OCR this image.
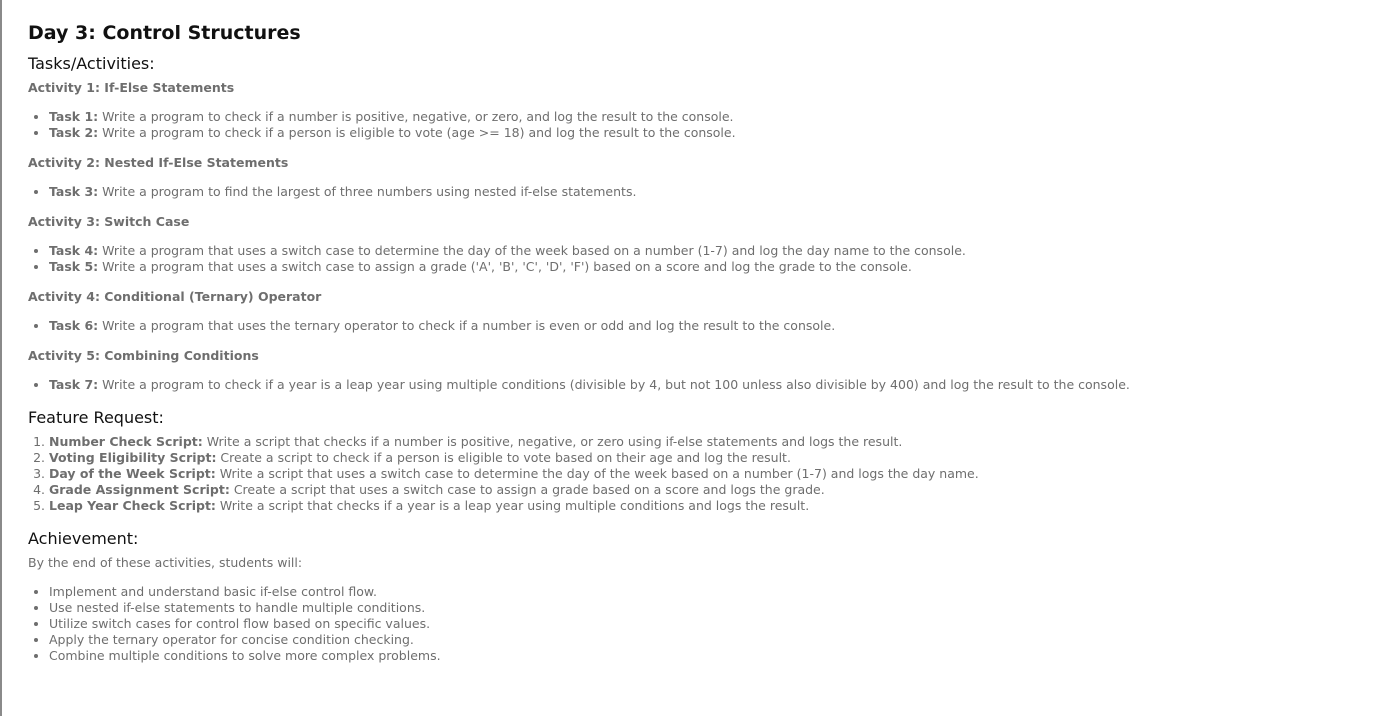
Day 3: Control Structures
Tasks/Activities:
Activity 1: If-Else Statements
• Task 1: Write a program to check if a number is positive, negative, or zero, and log the result to the console.
• Task 2: Write a program to check if a person is eligible to vote (age >= 18) and log the result to the console.
Activity 2: Nested If-Else Statements
• Task 3: Write a program to find the largest of three numbers using nested if-else statements.
Activity 3: Switch Case
• Task 4: Write a program that uses a switch case to determine the day of the week based on a number (1-7) and log the day name to the console.
• Task 5: Write a program that uses a switch case to assign a grade ('A', 'B', 'C', 'D', 'F') based on a score and log the grade to the console.
Activity 4: Conditional (Ternary) Operator
• Task 6: Write a program that uses the ternary operator to check if a number is even or odd and log the result to the console.
Activity 5: Combining Conditions
• Task 7: Write a program to check if a year is a leap year using multiple conditions (divisible by 4, but not 100 unless also divisible by 400) and log the result to the console.
Feature Request:
1. Number Check Script: Write a script that checks if a number is positive, negative, or zero using if-else statements and logs the result.
2. Voting Eligibility Script: Create a script to check if a person is eligible to vote based on their age and log the result.
3. Day of the Week Script: Write a script that uses a switch case to determine the day of the week based on a number (1-7) and logs the day name.
4. Grade Assignment Script: Create a script that uses a switch case to assign a grade based on a score and logs the grade.
5. Leap Year Check Script: Write a script that checks if a year is a leap year using multiple conditions and logs the result.
Achievement:

By the end of these activities, students will:

• Implement and understand basic if-else control flow.
• Use nested if-else statements to handle multiple conditions.
• Utilize switch cases for control flow based on specific values.
• Apply the ternary operator for concise condition checking.
• Combine multiple conditions to solve more complex problems.
